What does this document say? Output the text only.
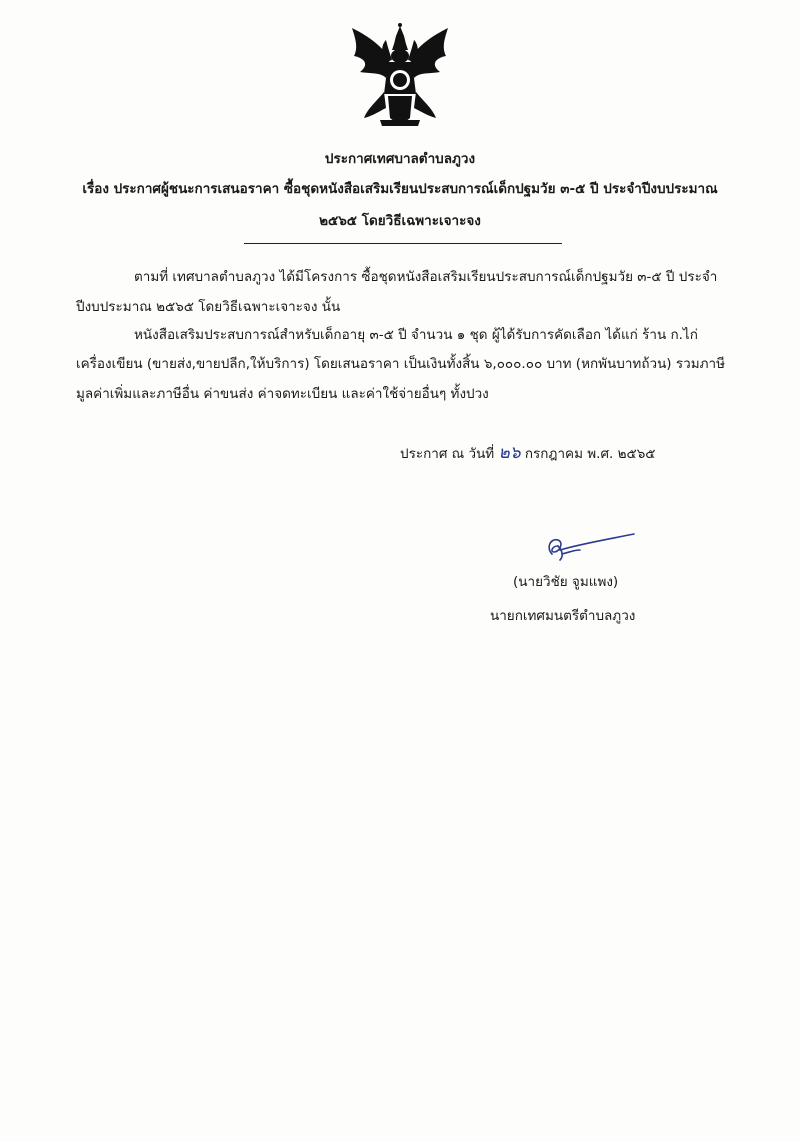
ประกาศเทศบาลตำบลภูวง
เรื่อง ประกาศผู้ชนะการเสนอราคา ซื้อชุดหนังสือเสริมเรียนประสบการณ์เด็กปฐมวัย ๓-๕ ปี ประจำปีงบประมาณ
๒๕๖๕ โดยวิธีเฉพาะเจาะจง
ตามที่ เทศบาลตำบลภูวง ได้มีโครงการ ซื้อชุดหนังสือเสริมเรียนประสบการณ์เด็กปฐมวัย ๓-๕ ปี ประจำ
ปีงบประมาณ ๒๕๖๕ โดยวิธีเฉพาะเจาะจง นั้น
หนังสือเสริมประสบการณ์สำหรับเด็กอายุ ๓-๕ ปี จำนวน ๑ ชุด ผู้ได้รับการคัดเลือก ได้แก่ ร้าน ก.ไก่
เครื่องเขียน (ขายส่ง,ขายปลีก,ให้บริการ) โดยเสนอราคา เป็นเงินทั้งสิ้น ๖,๐๐๐.๐๐ บาท (หกพันบาทถ้วน) รวมภาษี
มูลค่าเพิ่มและภาษีอื่น ค่าขนส่ง ค่าจดทะเบียน และค่าใช้จ่ายอื่นๆ ทั้งปวง
ประกาศ ณ วันที่ ๒๖ กรกฎาคม พ.ศ. ๒๕๖๕
(นายวิชัย จูมแพง)
นายกเทศมนตรีตำบลภูวง
